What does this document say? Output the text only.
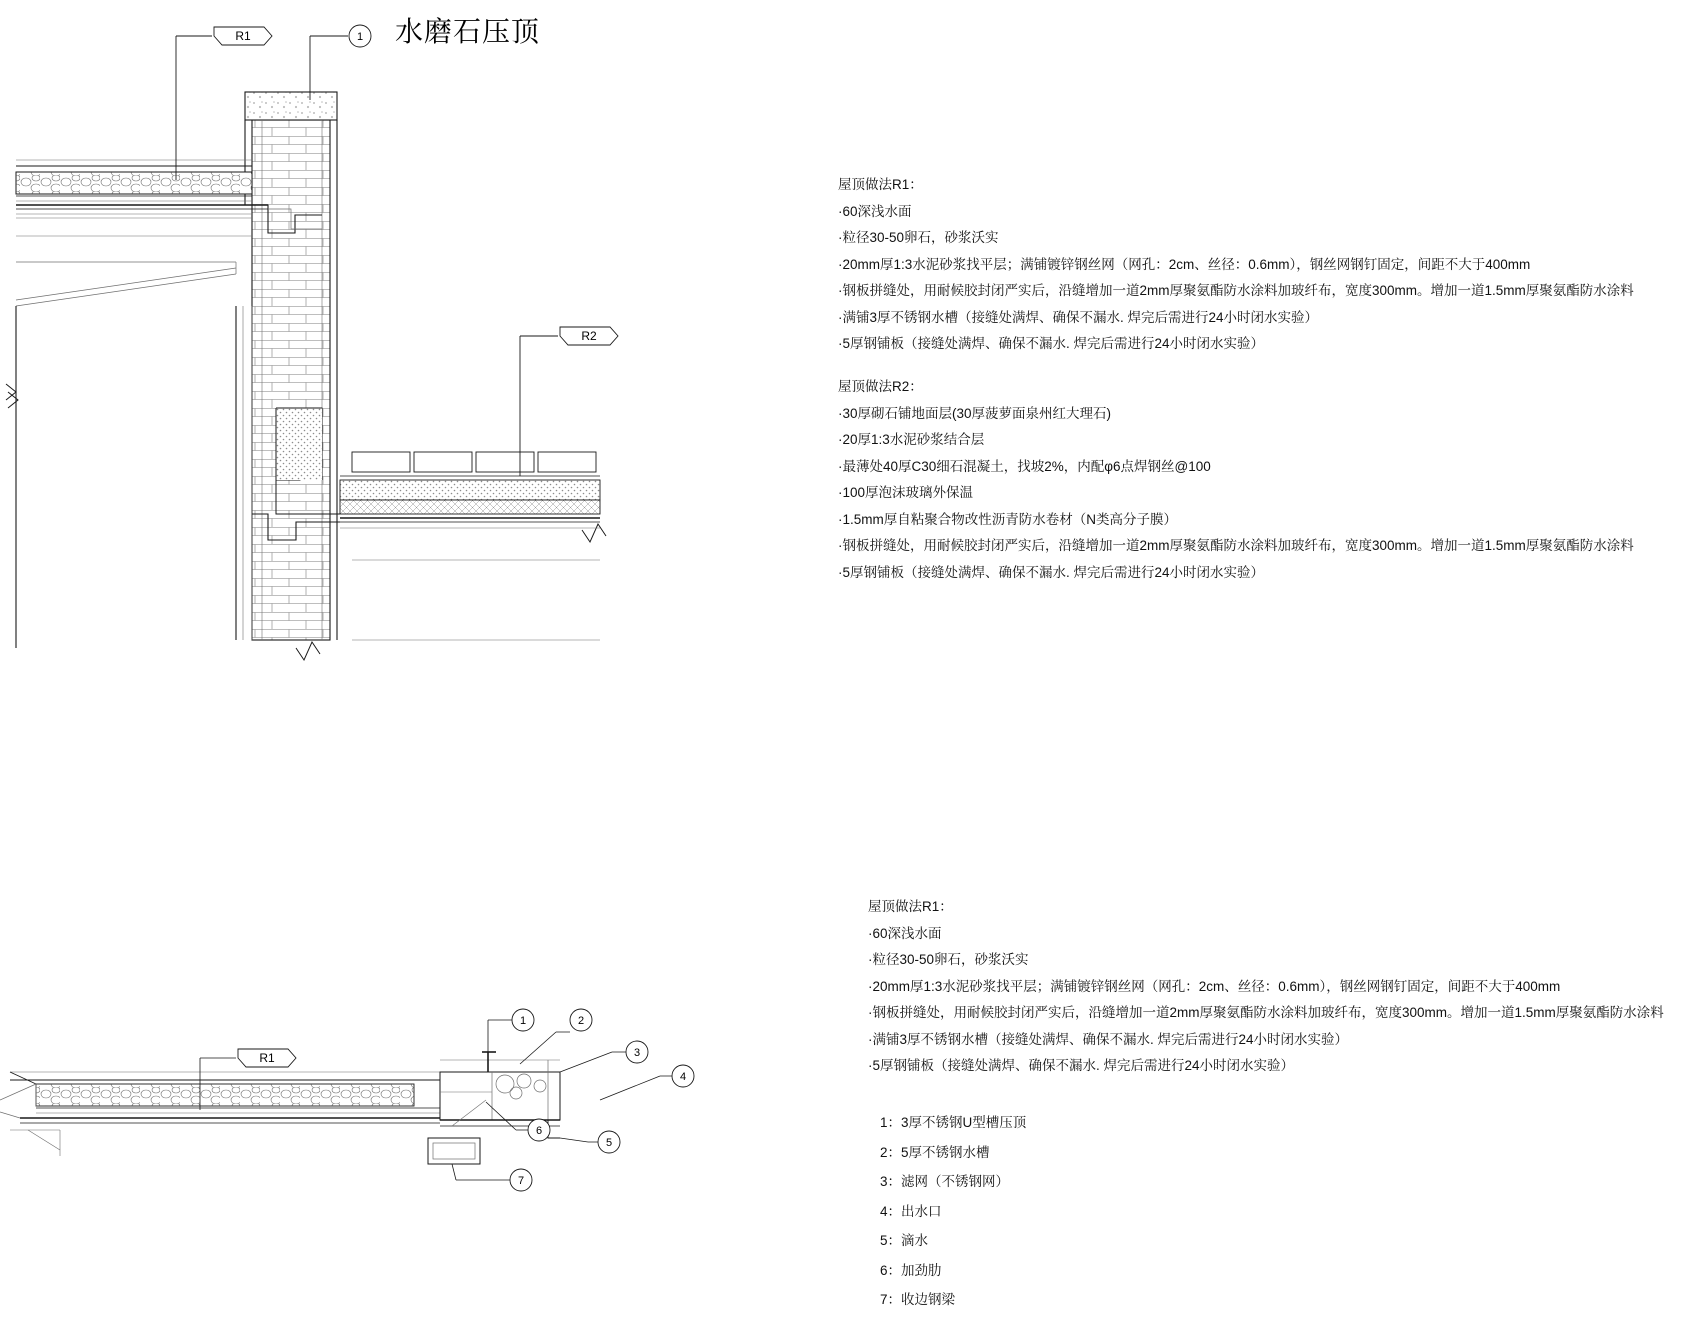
R1
R2
1 水磨石压顶
屋顶做法R1：
·60深浅水面
·粒径30-50卵石，砂浆沃实
·20mm厚1:3水泥砂浆找平层；满铺镀锌钢丝网（网孔：2cm、丝径：0.6mm），钢丝网钢钉固定，间距不大于400mm
·钢板拼缝处，用耐候胶封闭严实后，沿缝增加一道2mm厚聚氨酯防水涂料加玻纤布，宽度300mm。增加一道1.5mm厚聚氨酯防水涂料
·满铺3厚不锈钢水槽（接缝处满焊、确保不漏水. 焊完后需进行24小时闭水实验）
·5厚钢铺板（接缝处满焊、确保不漏水. 焊完后需进行24小时闭水实验）
屋顶做法R2：
·30厚砌石铺地面层(30厚菠萝面泉州红大理石)
·20厚1:3水泥砂浆结合层
·最薄处40厚C30细石混凝土，找坡2%，内配φ6点焊钢丝@100
·100厚泡沫玻璃外保温
·1.5mm厚自粘聚合物改性沥青防水卷材（N类高分子膜）
·钢板拼缝处，用耐候胶封闭严实后，沿缝增加一道2mm厚聚氨酯防水涂料加玻纤布，宽度300mm。增加一道1.5mm厚聚氨酯防水涂料
·5厚钢铺板（接缝处满焊、确保不漏水. 焊完后需进行24小时闭水实验）
R1
1	2
3
4
5
6
7
屋顶做法R1：
·60深浅水面
·粒径30-50卵石，砂浆沃实
·20mm厚1:3水泥砂浆找平层；满铺镀锌钢丝网（网孔：2cm、丝径：0.6mm），钢丝网钢钉固定，间距不大于400mm
·钢板拼缝处，用耐候胶封闭严实后，沿缝增加一道2mm厚聚氨酯防水涂料加玻纤布，宽度300mm。增加一道1.5mm厚聚氨酯防水涂料
·满铺3厚不锈钢水槽（接缝处满焊、确保不漏水. 焊完后需进行24小时闭水实验）
·5厚钢铺板（接缝处满焊、确保不漏水. 焊完后需进行24小时闭水实验）
1：3厚不锈钢U型槽压顶
2：5厚不锈钢水槽
3：滤网（不锈钢网）
4：出水口
5：滴水
6：加劲肋
7：收边钢梁
